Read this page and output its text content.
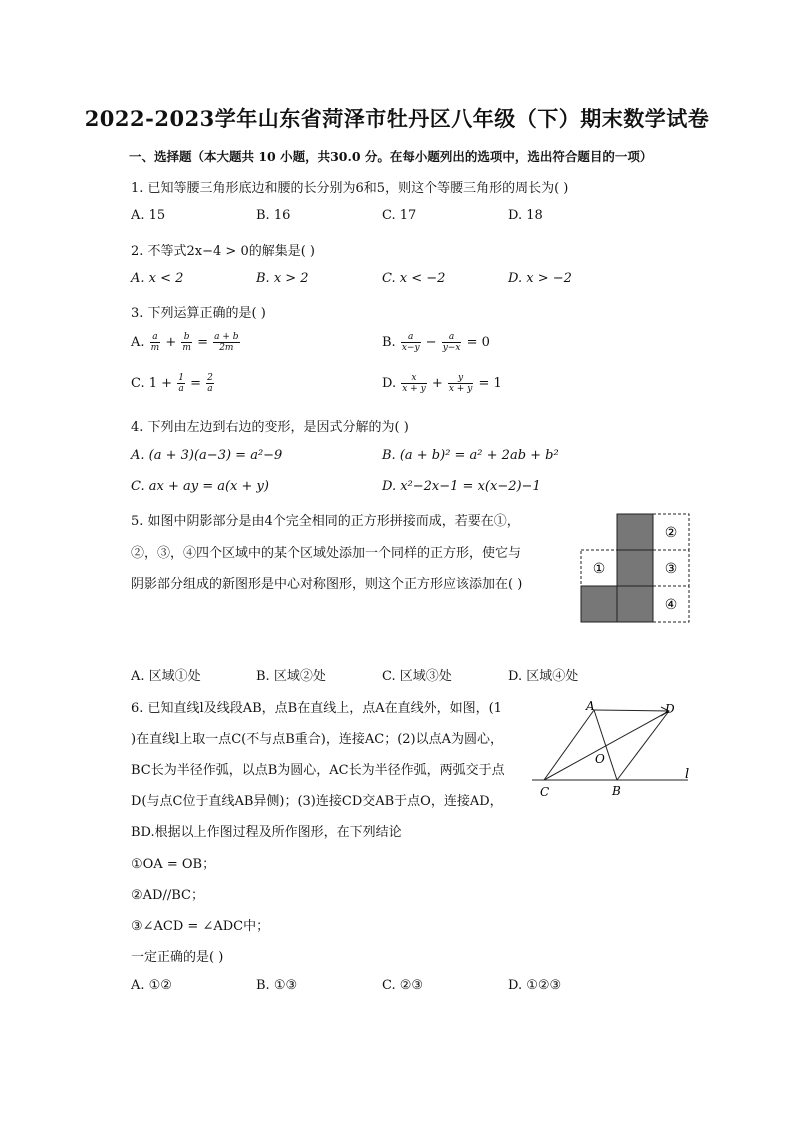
2022-2023学年山东省菏泽市牡丹区八年级（下）期末数学试卷
一、选择题（本大题共 10 小题，共30.0 分。在每小题列出的选项中，选出符合题目的一项）
1. 已知等腰三角形底边和腰的长分别为6和5，则这个等腰三角形的周长为( )
A. 15	B. 16	C. 17	D. 18
2. 不等式2x−4 > 0的解集是( )
A. x < 2	B. x > 2	C. x < −2	D. x > −2
3. 下列运算正确的是( )
A. $\frac{a}{m} + \frac{b}{m} = \frac{a + b}{2m}$	B. $\frac{a}{x-y} - \frac{a}{y-x} = 0$
C. $1 + \frac{1}{a} = \frac{2}{a}$	D. $\frac{x}{x + y} + \frac{y}{x + y} = 1$
4. 下列由左边到右边的变形，是因式分解的为( )
A. (a + 3)(a−3) = a²−9	B. (a + b)² = a² + 2ab + b²
C. ax + ay = a(x + y)	D. x²−2x−1 = x(x−2)−1
5. 如图中阴影部分是由4个完全相同的正方形拼接而成，若要在①，
②，③，④四个区域中的某个区域处添加一个同样的正方形，使它与
阴影部分组成的新图形是中心对称图形，则这个正方形应该添加在( )
①
②
③
④
A. 区域①处	B. 区域②处	C. 区域③处	D. 区域④处
6. 已知直线l及线段AB，点B在直线上，点A在直线外，如图，(1
)在直线l上取一点C(不与点B重合)，连接AC；(2)以点A为圆心，
BC长为半径作弧，以点B为圆心，AC长为半径作弧，两弧交于点
D(与点C位于直线AB异侧)；(3)连接CD交AB于点O，连接AD，
BD.根据以上作图过程及所作图形，在下列结论
①OA = OB；
②AD//BC；
③∠ACD = ∠ADC中；
一定正确的是( )
A	D
O
C	B
l
A. ①②	B. ①③	C. ②③	D. ①②③
